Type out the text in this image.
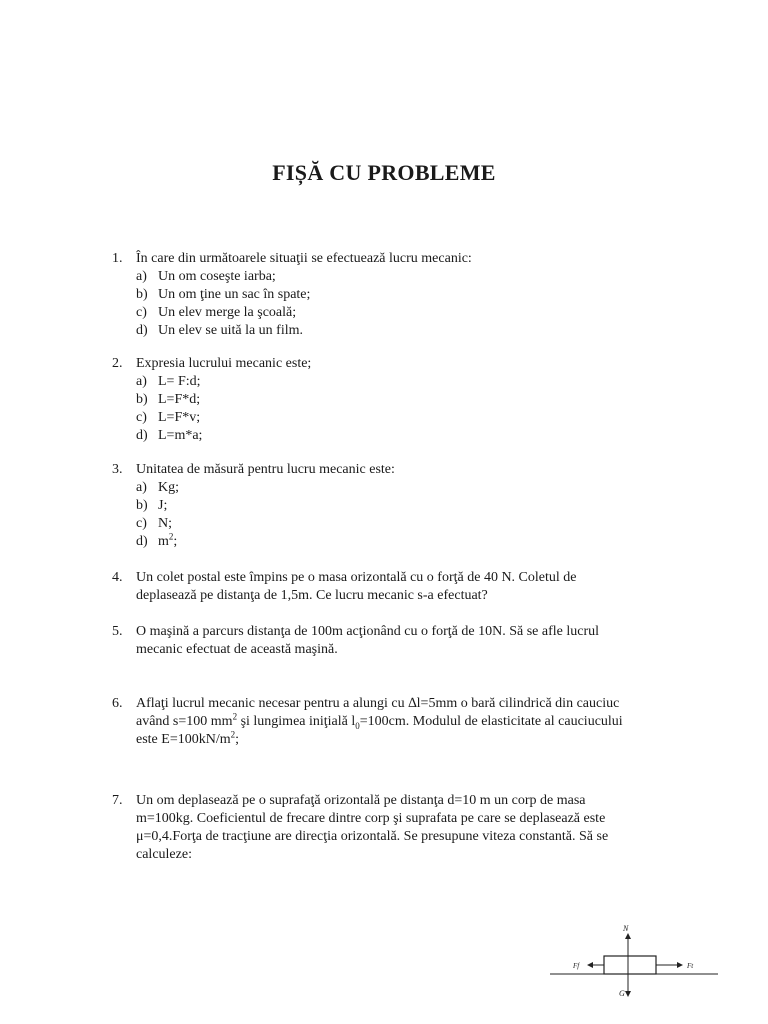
FIȘĂ CU PROBLEME
1. În care din următoarele situaţii se efectuează lucru mecanic:
a) Un om coseşte iarba;
b) Un om ţine un sac în spate;
c) Un elev merge la şcoală;
d) Un elev se uită la un film.
2. Expresia lucrului mecanic este;
a) L= F:d;
b) L=F*d;
c) L=F*v;
d) L=m*a;
3. Unitatea de măsură pentru lucru mecanic este:
a) Kg;
b) J;
c) N;
d) $m^2$;
4. Un colet postal este împins pe o masa orizontală cu o forţă de 40 N. Coletul de deplasează pe distanţa de 1,5m. Ce lucru mecanic s-a efectuat?
5. O maşină a parcurs distanţa de 100m acţionând cu o forţă de 10N. Să se afle lucrul mecanic efectuat de această maşină.
6. Aflaţi lucrul mecanic necesar pentru a alungi cu ∆l=5mm o bară cilindrică din cauciuc având s=100 $mm^2$ şi lungimea iniţială $l_0=100cm$. Modulul de elasticitate al cauciucului este $E=100kN/m^2$;
7. Un om deplasează pe o suprafaţă orizontală pe distanţa d=10 m un corp de masa m=100kg. Coeficientul de frecare dintre corp şi suprafata pe care se deplasează este μ=0,4.Forţa de tracţiune are direcţia orizontală. Se presupune viteza constantă. Să se calculeze:
N
G
Ff	Ft
